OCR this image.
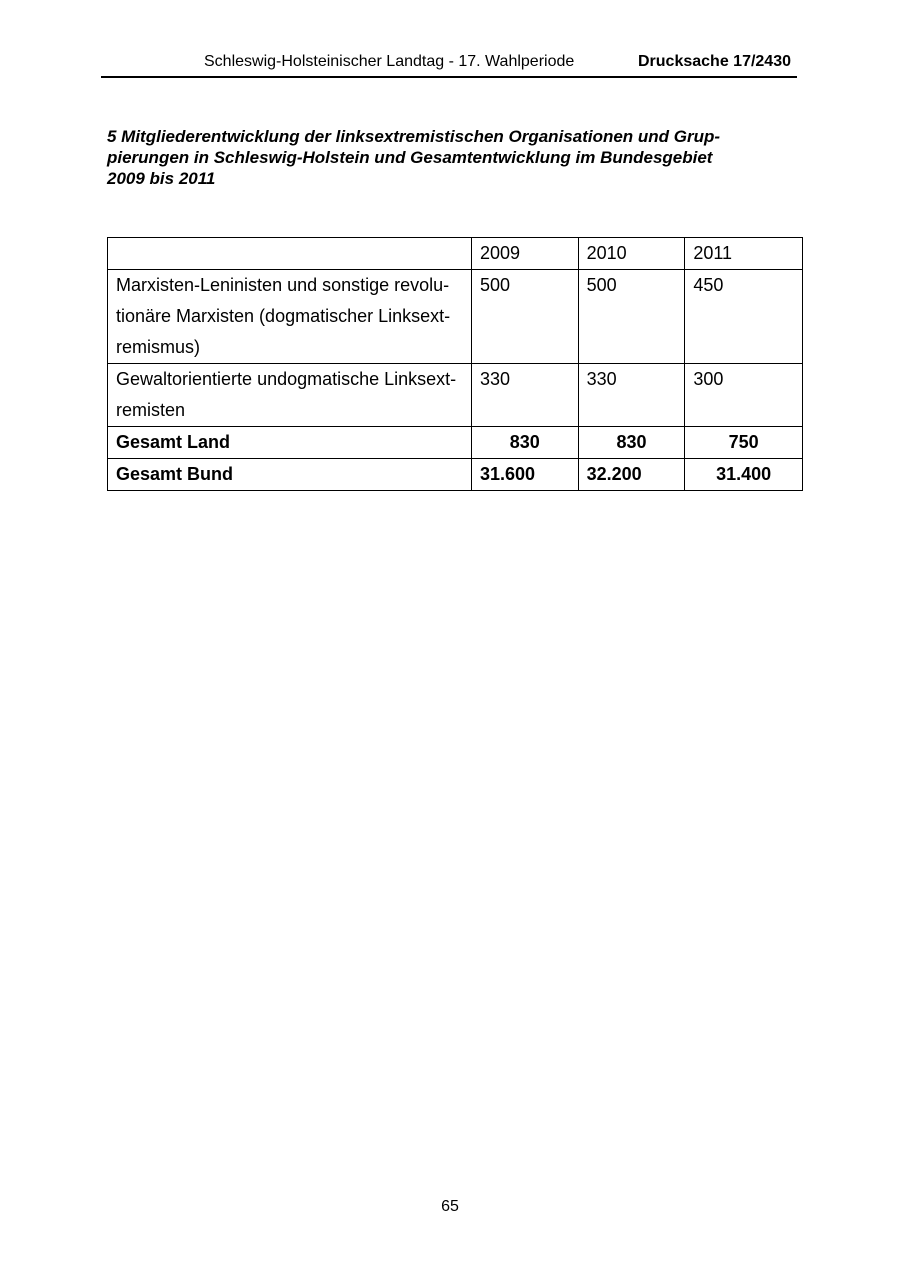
Schleswig-Holsteinischer Landtag - 17. Wahlperiode	Drucksache 17/2430
5 Mitgliederentwicklung der linksextremistischen Organisationen und Grup-
pierungen in Schleswig-Holstein und Gesamtentwicklung im Bundesgebiet
2009 bis 2011
	2009	2010	2011

Marxisten-Leninisten und sonstige revolu-
tionäre Marxisten (dogmatischer Linksext-
remismus)	500	500	450

Gewaltorientierte undogmatische Linksext-
remisten	330	330	300
Gesamt Land	830	830	750
Gesamt Bund	31.600	32.200	31.400
65
